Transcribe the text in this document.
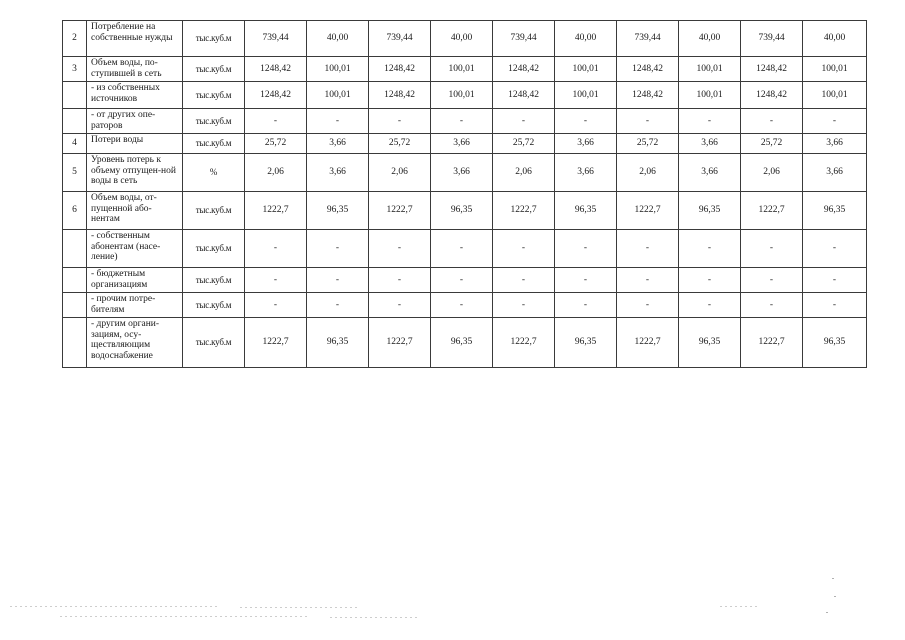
2	Потребление на собственные нужды	тыс.куб.м	739,44	40,00	739,44	40,00	739,44	40,00	739,44	40,00	739,44	40,00
3	Объем воды, по-ступившей в сеть	тыс.куб.м	1248,42	100,01	1248,42	100,01	1248,42	100,01	1248,42	100,01	1248,42	100,01
	- из собственных источников	тыс.куб.м	1248,42	100,01	1248,42	100,01	1248,42	100,01	1248,42	100,01	1248,42	100,01
	- от других опе-раторов	тыс.куб.м	-	-	-	-	-	-	-	-	-	-
4	Потери воды	тыс.куб.м	25,72	3,66	25,72	3,66	25,72	3,66	25,72	3,66	25,72	3,66
5	Уровень потерь к объему отпущен-ной воды в сеть	%	2,06	3,66	2,06	3,66	2,06	3,66	2,06	3,66	2,06	3,66
6	Объем воды, от-пущенной або-нентам	тыс.куб.м	1222,7	96,35	1222,7	96,35	1222,7	96,35	1222,7	96,35	1222,7	96,35
	- собственным абонентам (насе-ление)	тыс.куб.м	-	-	-	-	-	-	-	-	-	-
	- бюджетным организациям	тыс.куб.м	-	-	-	-	-	-	-	-	-	-
	- прочим потре-бителям	тыс.куб.м	-	-	-	-	-	-	-	-	-	-
	- другим органи-зациям, осу-ществляющим водоснабжение	тыс.куб.м	1222,7	96,35	1222,7	96,35	1222,7	96,35	1222,7	96,35	1222,7	96,35
